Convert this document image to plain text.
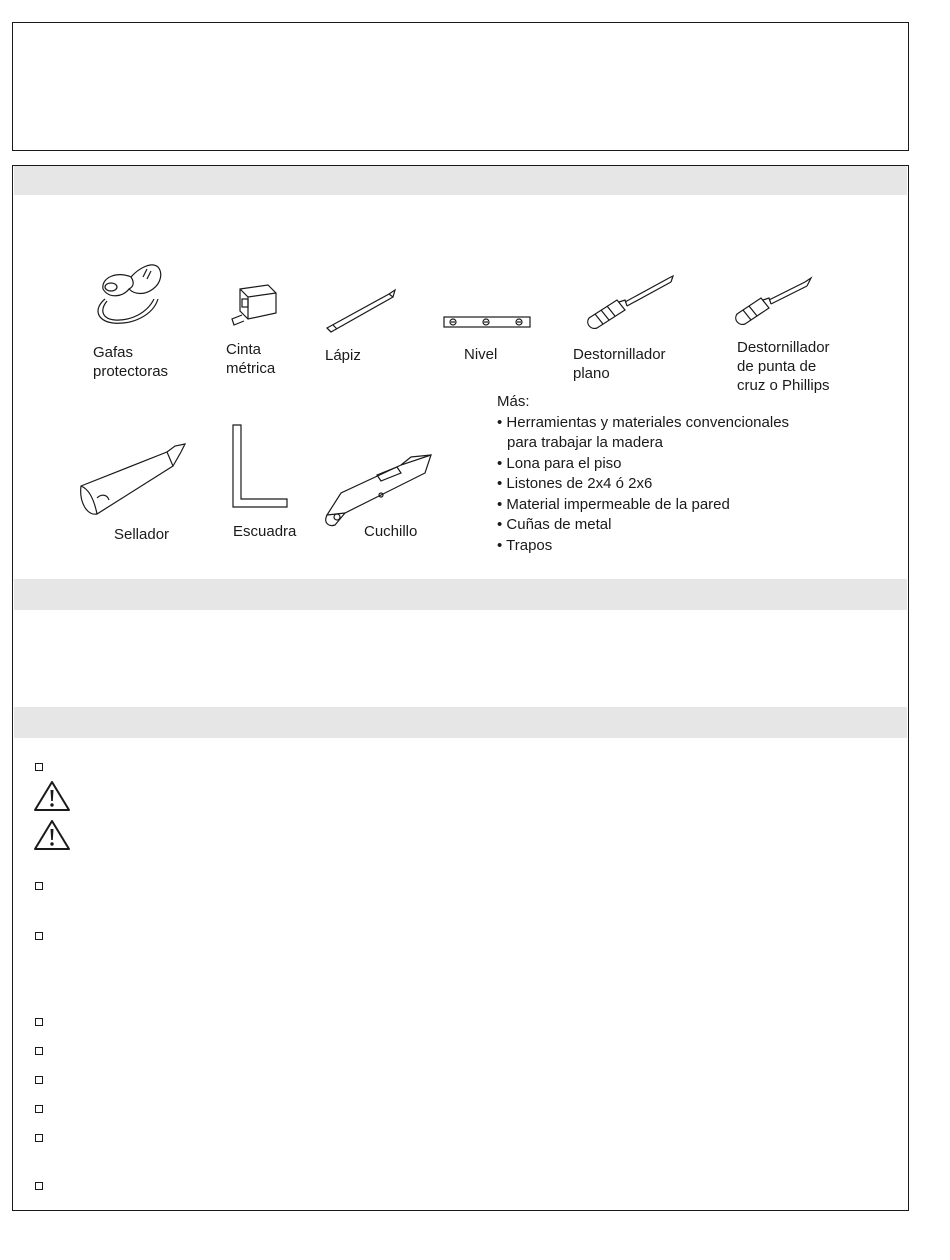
Gafas
protectoras
Cinta
métrica
Lápiz	Nivel	Destornillador
plano
Destornillador
de punta de
cruz o Phillips
Sellador	Escuadra	Cuchillo
Más:
• Herramientas y materiales convencionales
para trabajar la madera
• Lona para el piso
• Listones de 2x4 ó 2x6
• Material impermeable de la pared
• Cuñas de metal
• Trapos
